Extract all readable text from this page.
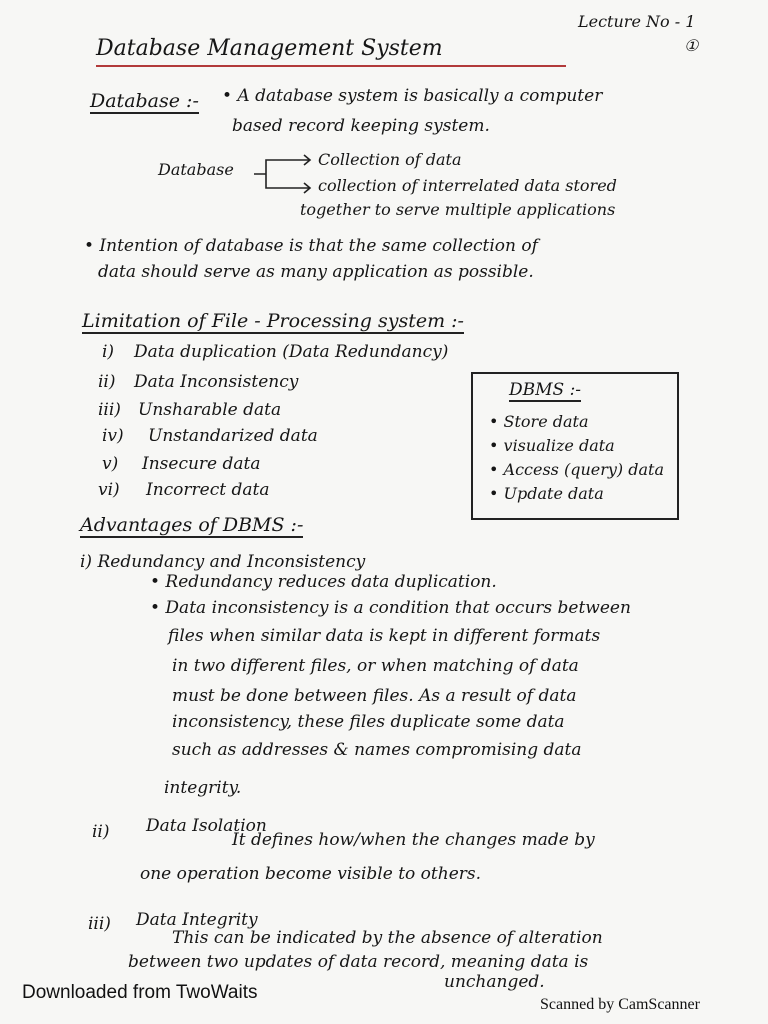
Lecture No - 1
①
Database Management System
Database :- • A database system is basically a computer
based record keeping system.
Database
Collection of data
collection of interrelated data stored
together to serve multiple applications
• Intention of database is that the same collection of
data should serve as many application as possible.
Limitation of File - Processing system :-
i) Data duplication (Data Redundancy)
ii) Data Inconsistency
iii) Unsharable data
iv) Unstandarized data
v) Insecure data
vi) Incorrect data
DBMS :-
• Store data
• visualize data
• Access (query) data
• Update data
Advantages of DBMS :-
i) Redundancy and Inconsistency
• Redundancy reduces data duplication.
• Data inconsistency is a condition that occurs between
files when similar data is kept in different formats
in two different files, or when matching of data
must be done between files. As a result of data
inconsistency, these files duplicate some data
such as addresses & names compromising data
integrity.
ii) Data Isolation
It defines how/when the changes made by
one operation become visible to others.
iii) Data Integrity
This can be indicated by the absence of alteration
between two updates of data record, meaning data is
unchanged.
Downloaded from TwoWaits
Scanned by CamScanner
